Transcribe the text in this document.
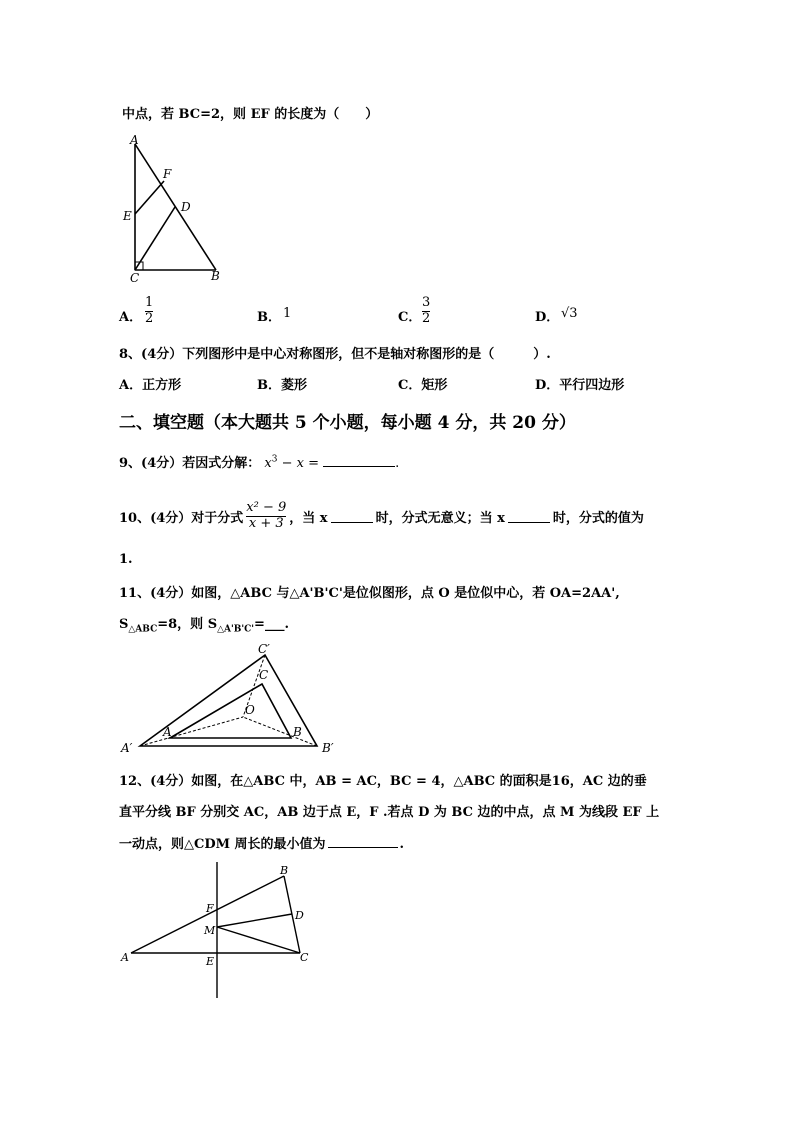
中点，若 BC=2，则 EF 的长度为（　　）
A
F
E
D
C	B
A． $\frac{1}{2}$	B． 1	C． $\frac{3}{2}$	D． √3
8、(4分）下列图形中是中心对称图形，但不是轴对称图形的是（　　　）.
A．正方形	B．菱形	C．矩形	D．平行四边形
二、填空题（本大题共 5 个小题，每小题 4 分，共 20 分）
9、(4分）若因式分解： $x^3 - x$ =	.
10、(4分）对于分式 $\frac{\text{x² − 9}}{x + 3}$ ，当 x	时，分式无意义；当 x	时，分式的值为
1.
11、(4分）如图，△ABC 与△A'B'C'是位似图形，点 O 是位似中心，若 OA=2AA',
$S_{\triangle ABC}=8$，则 $S_{\triangle A'B'C'}=\_\_\_$.
C′
C
O
A	B
A′	B′
12、(4分）如图，在△ABC 中，AB = AC，BC = 4，△ABC 的面积是16，AC 边的垂
直平分线 BF 分别交 AC，AB 边于点 E，F .若点 D 为 BC 边的中点，点 M 为线段 EF 上
一动点，则△CDM 周长的最小值为	.
B
F
D
M
A	E	C
